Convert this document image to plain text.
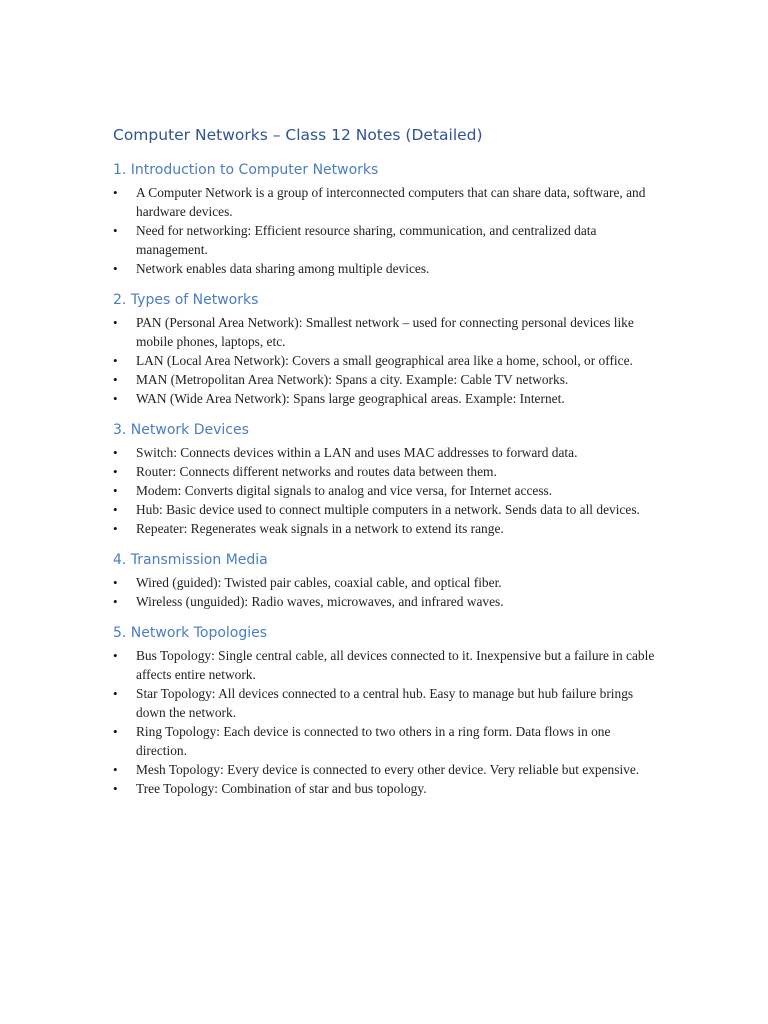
Computer Networks – Class 12 Notes (Detailed)
1. Introduction to Computer Networks
• A Computer Network is a group of interconnected computers that can share data, software, and hardware devices.
• Need for networking: Efficient resource sharing, communication, and centralized data management.
• Network enables data sharing among multiple devices.
2. Types of Networks
• PAN (Personal Area Network): Smallest network – used for connecting personal devices like mobile phones, laptops, etc.
• LAN (Local Area Network): Covers a small geographical area like a home, school, or office.
• MAN (Metropolitan Area Network): Spans a city. Example: Cable TV networks.
• WAN (Wide Area Network): Spans large geographical areas. Example: Internet.
3. Network Devices
• Switch: Connects devices within a LAN and uses MAC addresses to forward data.
• Router: Connects different networks and routes data between them.
• Modem: Converts digital signals to analog and vice versa, for Internet access.
• Hub: Basic device used to connect multiple computers in a network. Sends data to all devices.
• Repeater: Regenerates weak signals in a network to extend its range.
4. Transmission Media
• Wired (guided): Twisted pair cables, coaxial cable, and optical fiber.
• Wireless (unguided): Radio waves, microwaves, and infrared waves.
5. Network Topologies
• Bus Topology: Single central cable, all devices connected to it. Inexpensive but a failure in cable affects entire network.
• Star Topology: All devices connected to a central hub. Easy to manage but hub failure brings down the network.
• Ring Topology: Each device is connected to two others in a ring form. Data flows in one direction.
• Mesh Topology: Every device is connected to every other device. Very reliable but expensive.
• Tree Topology: Combination of star and bus topology.
